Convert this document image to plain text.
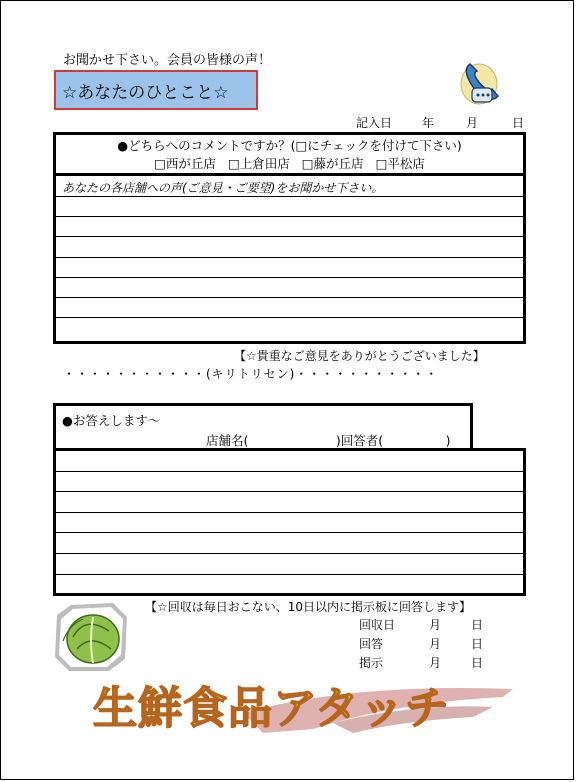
お聞かせ下さい。会員の皆様の声！
☆あなたのひとこと☆
記入日 年	月	日
●どちらへのコメントですか？(□にチェックを付けて下さい)
□西が丘店 □上倉田店 □藤が丘店 □平松店
あなたの各店舗への声(ご意見・ご要望)をお聞かせ下さい。
【☆貴重なご意見をありがとうございました】
・・・・・・・・・・・(キリトリセン)・・・・・・・・・・・
●お答えします～
店舗名(　　　　　　　)回答者(　　　　　)
【☆回収は毎日おこない、10日以内に掲示板に回答します】
回収日	月 日
回答	月 日
掲示	月 日
生鮮食品アタッチ
